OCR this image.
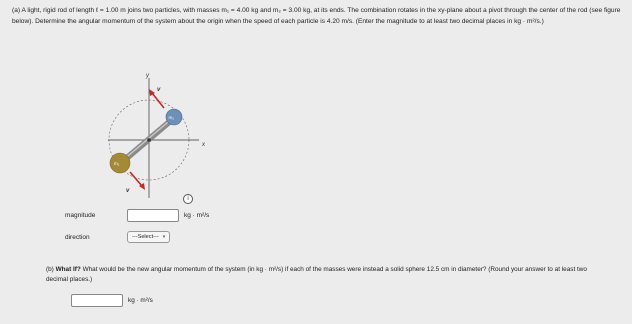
(a) A light, rigid rod of length ℓ = 1.00 m joins two particles, with masses m₁ = 4.00 kg and m₂ = 3.00 kg, at its ends. The combination rotates in the xy-plane about a pivot through the center of the rod (see figure below). Determine the angular momentum of the system about the origin when the speed of each particle is 4.20 m/s. (Enter the magnitude to at least two decimal places in kg · m²/s.)
y
x
m₂
m₁
v
v
i
magnitude	kg · m²/s
direction	---Select--- ▾
(b) What If? What would be the new angular momentum of the system (in kg · m²/s) if each of the masses were instead a solid sphere 12.5 cm in diameter? (Round your answer to at least two decimal places.)
kg · m²/s
